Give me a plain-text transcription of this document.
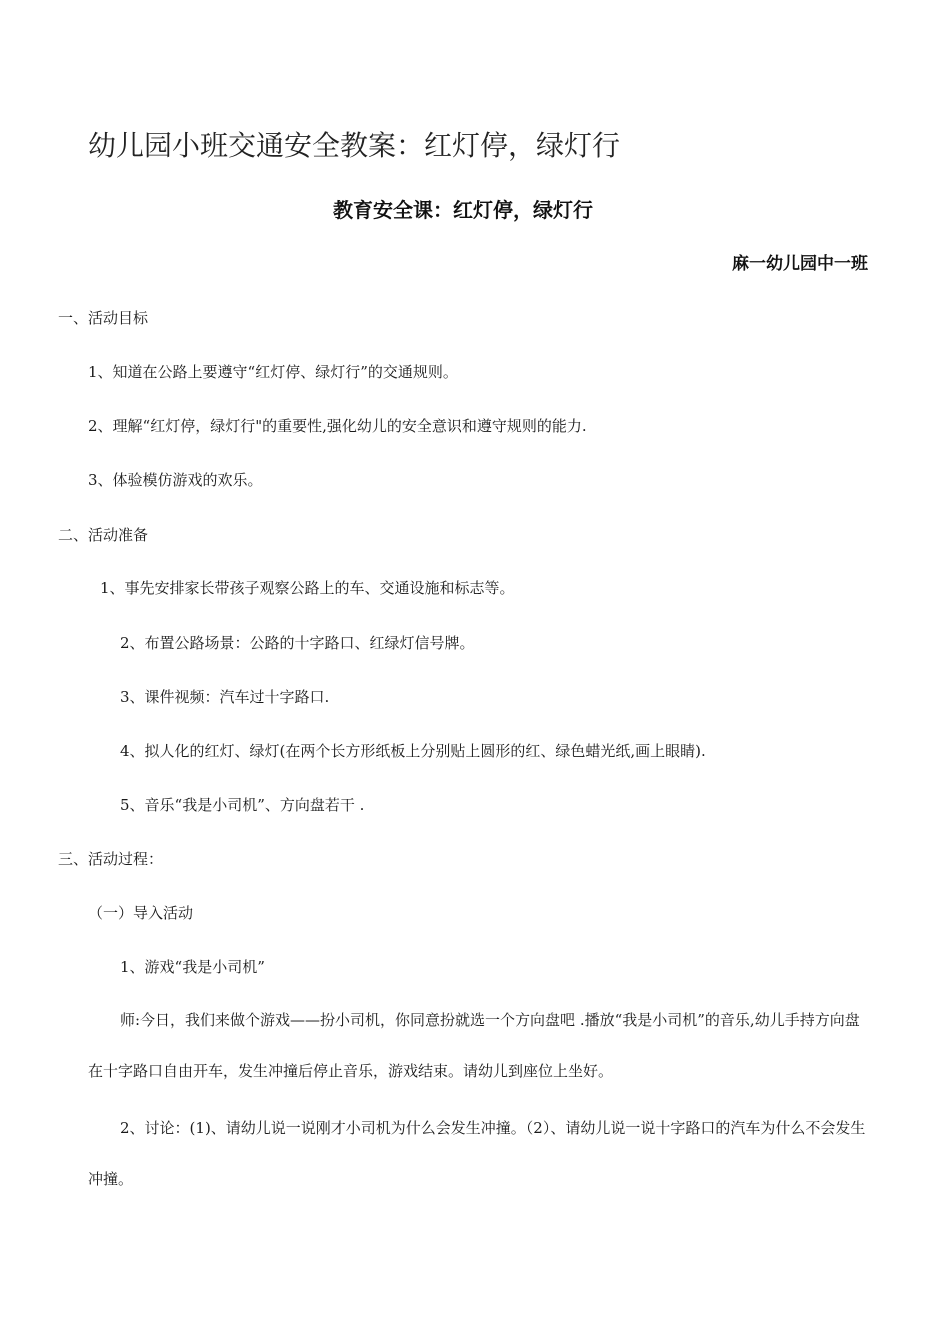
幼儿园小班交通安全教案：红灯停，绿灯行
教育安全课：红灯停，绿灯行
麻一幼儿园中一班
一、活动目标
1、知道在公路上要遵守“红灯停、绿灯行”的交通规则。
2、理解“红灯停，绿灯行"的重要性,强化幼儿的安全意识和遵守规则的能力.
3、体验模仿游戏的欢乐。
二、活动准备
1、事先安排家长带孩子观察公路上的车、交通设施和标志等。
2、布置公路场景：公路的十字路口、红绿灯信号牌。
3、课件视频：汽车过十字路口.
4、拟人化的红灯、绿灯(在两个长方形纸板上分别贴上圆形的红、绿色蜡光纸,画上眼睛).
5、音乐“我是小司机”、方向盘若干 .
三、活动过程：
（一）导入活动
1、游戏“我是小司机”
师:今日，我们来做个游戏——扮小司机，你同意扮就选一个方向盘吧 .播放“我是小司机”的音乐,幼儿手持方向盘在十字路口自由开车，发生冲撞后停止音乐，游戏结束。请幼儿到座位上坐好。
2、讨论：(1)、请幼儿说一说刚才小司机为什么会发生冲撞。（2）、请幼儿说一说十字路口的汽车为什么不会发生冲撞。
